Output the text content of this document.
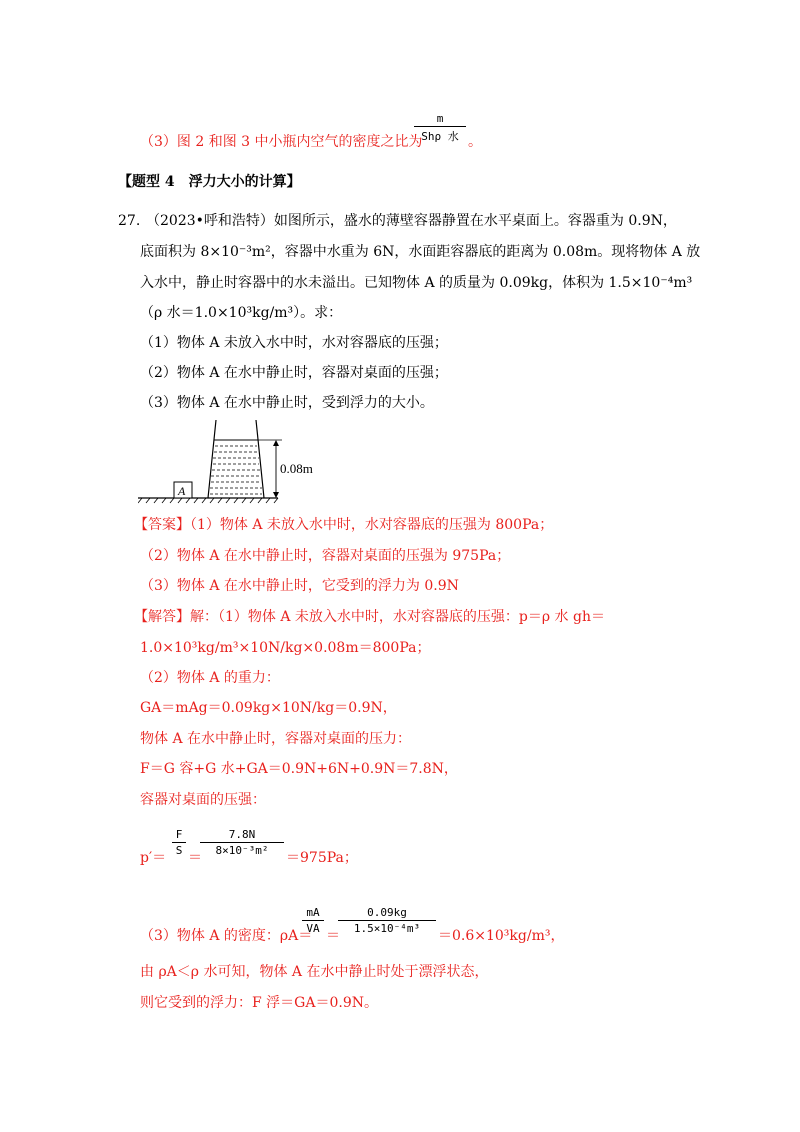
（3）图 2 和图 3 中小瓶内空气的密度之比为
m
Shρ 水 。
【题型 4　浮力大小的计算】
27. （2023•呼和浩特）如图所示，盛水的薄壁容器静置在水平桌面上。容器重为 0.9N，
底面积为 8×10⁻³m²，容器中水重为 6N，水面距容器底的距离为 0.08m。现将物体 A 放
入水中，静止时容器中的水未溢出。已知物体 A 的质量为 0.09kg，体积为 1.5×10⁻⁴m³
（ρ 水＝1.0×10³kg/m³）。求：
（1）物体 A 未放入水中时，水对容器底的压强；
（2）物体 A 在水中静止时，容器对桌面的压强；
（3）物体 A 在水中静止时，受到浮力的大小。
0.08m
A
【答案】（1）物体 A 未放入水中时，水对容器底的压强为 800Pa；
（2）物体 A 在水中静止时，容器对桌面的压强为 975Pa；
（3）物体 A 在水中静止时，它受到的浮力为 0.9N
【解答】解：（1）物体 A 未放入水中时，水对容器底的压强：p＝ρ 水 gh＝
1.0×10³kg/m³×10N/kg×0.08m＝800Pa；
（2）物体 A 的重力：
GA＝mAg＝0.09kg×10N/kg＝0.9N，
物体 A 在水中静止时，容器对桌面的压力：
F＝G 容+G 水+GA＝0.9N+6N+0.9N＝7.8N，
容器对桌面的压强：
p′＝
F
S ＝
7.8N
8×10⁻³m²	＝975Pa；
（3）物体 A 的密度：ρA＝
mA
VA ＝
0.09kg
1.5×10⁻⁴m³	＝0.6×10³kg/m³，
由 ρA＜ρ 水可知，物体 A 在水中静止时处于漂浮状态，
则它受到的浮力：F 浮＝GA＝0.9N。
